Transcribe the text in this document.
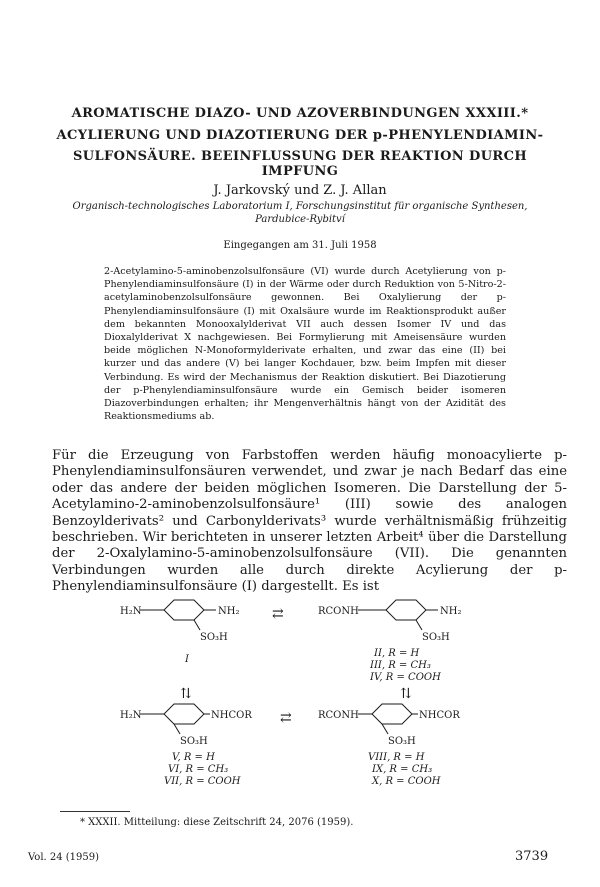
AROMATISCHE DIAZO- UND AZOVERBINDUNGEN XXXIII.*
ACYLIERUNG UND DIAZOTIERUNG DER p-PHENYLENDIAMIN-
SULFONSÄURE. BEEINFLUSSUNG DER REAKTION DURCH IMPFUNG
J. Jarkovský und Z. J. Allan
Organisch-technologisches Laboratorium I, Forschungsinstitut für organische Synthesen,
Pardubice-Rybitví
Eingegangen am 31. Juli 1958
2-Acetylamino-5-aminobenzolsulfonsäure (VI) wurde durch Acetylierung von p-Phenylendiaminsulfonsäure (I) in der Wärme oder durch Reduktion von 5-Nitro-2-acetylaminobenzolsulfonsäure gewonnen. Bei Oxalylierung der p-Phenylendiaminsulfonsäure (I) mit Oxalsäure wurde im Reaktionsprodukt außer dem bekannten Monooxalylderivat VII auch dessen Isomer IV und das Dioxalylderivat X nachgewiesen. Bei Formylierung mit Ameisensäure wurden beide möglichen N-Monoformylderivate erhalten, und zwar das eine (II) bei kurzer und das andere (V) bei langer Kochdauer, bzw. beim Impfen mit dieser Verbindung. Es wird der Mechanismus der Reaktion diskutiert. Bei Diazotierung der p-Phenylendiaminsulfonsäure wurde ein Gemisch beider isomeren Diazoverbindungen erhalten; ihr Mengenverhältnis hängt von der Azidität des Reaktionsmediums ab.
Für die Erzeugung von Farbstoffen werden häufig monoacylierte p-Phenylendiaminsulfonsäuren verwendet, und zwar je nach Bedarf das eine oder das andere der beiden möglichen Isomeren. Die Darstellung der 5-Acetylamino-2-aminobenzolsulfonsäure¹ (III) sowie des analogen Benzoylderivats² und Carbonylderivats³ wurde verhältnismäßig frühzeitig beschrieben. Wir berichteten in unserer letzten Arbeit⁴ über die Darstellung der 2-Oxalylamino-5-aminobenzolsulfonsäure (VII). Die genannten Verbindungen wurden alle durch direkte Acylierung der p-Phenylendiaminsulfonsäure (I) dargestellt. Es ist
H₂N	NH₂
SO₃H
I
⇄	RCONH	NH₂
SO₃H
II, R = H
III, R = CH₃
IV, R = COOH
⇅	⇅
H₂N	NHCOR
SO₃H
V, R = H
VI, R = CH₃
VII, R = COOH
⇄	RCONH	NHCOR
SO₃H
VIII, R = H
IX, R = CH₃
X, R = COOH
* XXXII. Mitteilung: diese Zeitschrift 24, 2076 (1959).
Vol. 24 (1959)	3739
